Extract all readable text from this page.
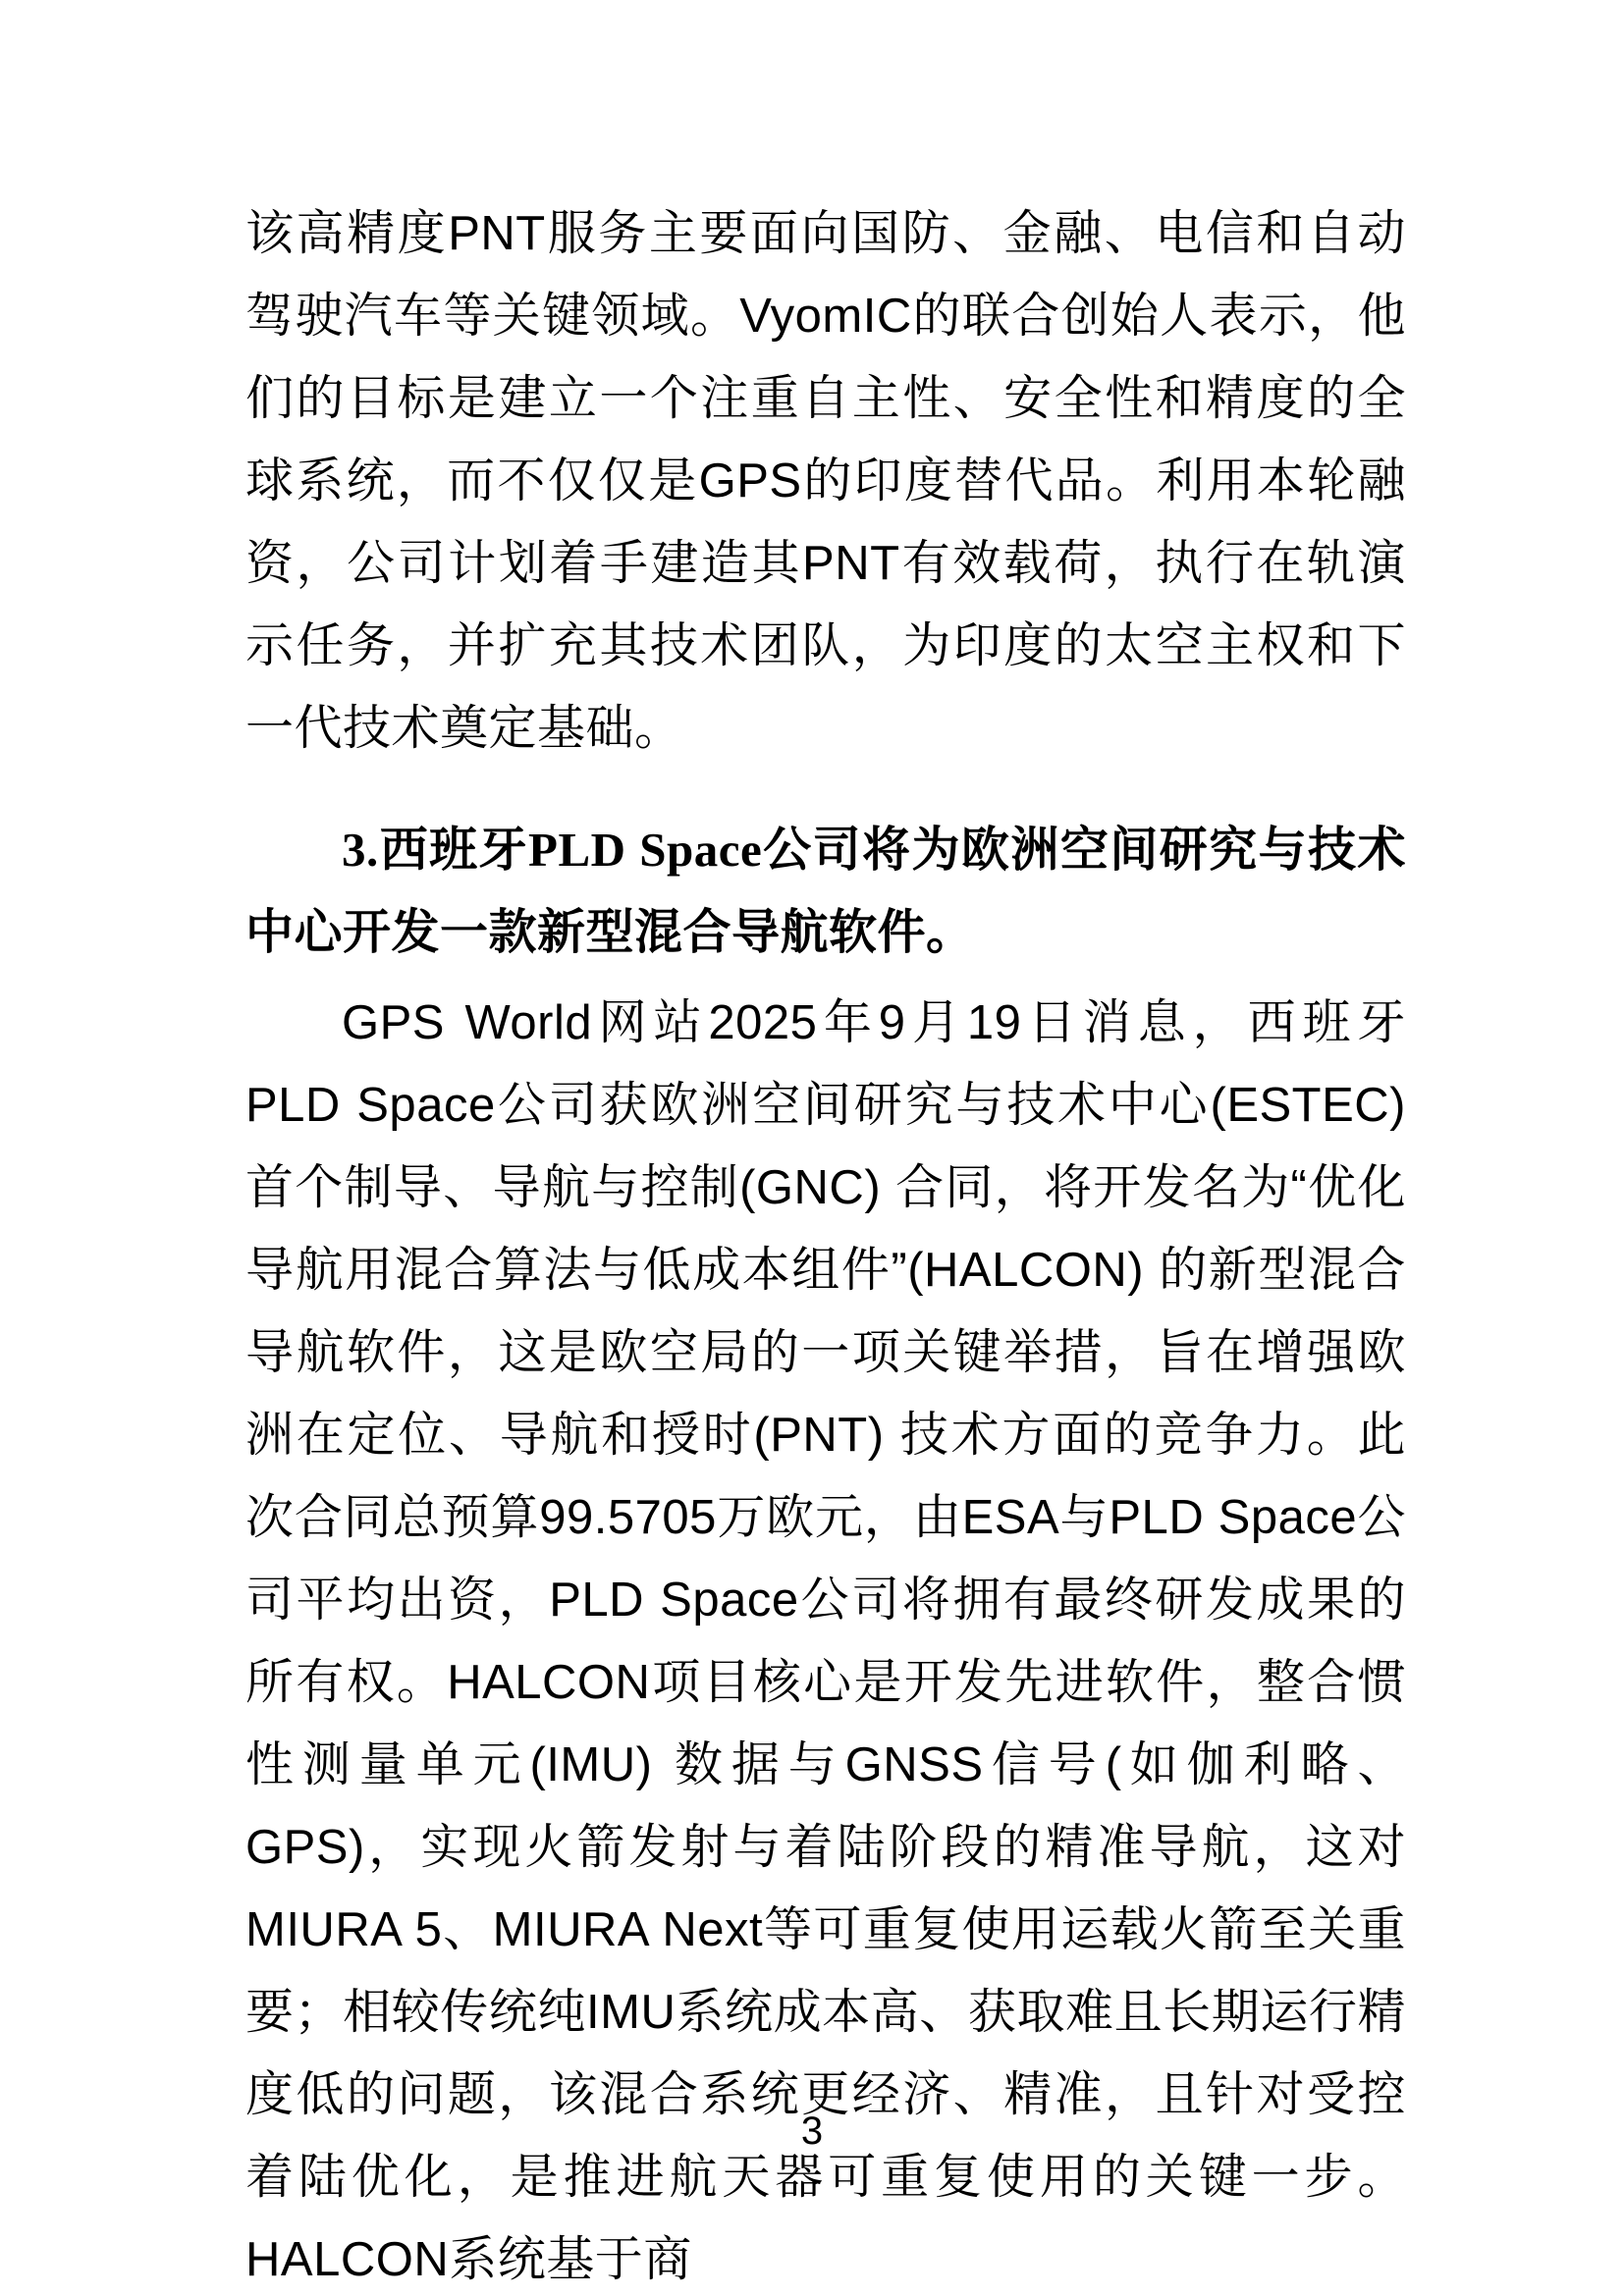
该高精度PNT服务主要面向国防、金融、电信和自动驾驶汽车等关键领域。VyomIC的联合创始人表示，他们的目标是建立一个注重自主性、安全性和精度的全球系统，而不仅仅是GPS的印度替代品。利用本轮融资，公司计划着手建造其PNT有效载荷，执行在轨演示任务，并扩充其技术团队，为印度的太空主权和下一代技术奠定基础。

3.西班牙PLD Space公司将为欧洲空间研究与技术中心开发一款新型混合导航软件。

GPS World网站2025年9月19日消息，西班牙PLD Space公司获欧洲空间研究与技术中心(ESTEC) 首个制导、导航与控制(GNC) 合同，将开发名为“优化导航用混合算法与低成本组件”(HALCON) 的新型混合导航软件，这是欧空局的一项关键举措，旨在增强欧洲在定位、导航和授时(PNT) 技术方面的竞争力。此次合同总预算99.5705万欧元，由ESA与PLD Space公司平均出资，PLD Space公司将拥有最终研发成果的所有权。HALCON项目核心是开发先进软件，整合惯性测量单元(IMU) 数据与GNSS信号(如伽利略、GPS)，实现火箭发射与着陆阶段的精准导航，这对MIURA 5、MIURA Next等可重复使用运载火箭至关重要；相较传统纯IMU系统成本高、获取难且长期运行精度低的问题，该混合系统更经济、精准，且针对受控着陆优化，是推进航天器可重复使用的关键一步。HALCON系统基于商

3
